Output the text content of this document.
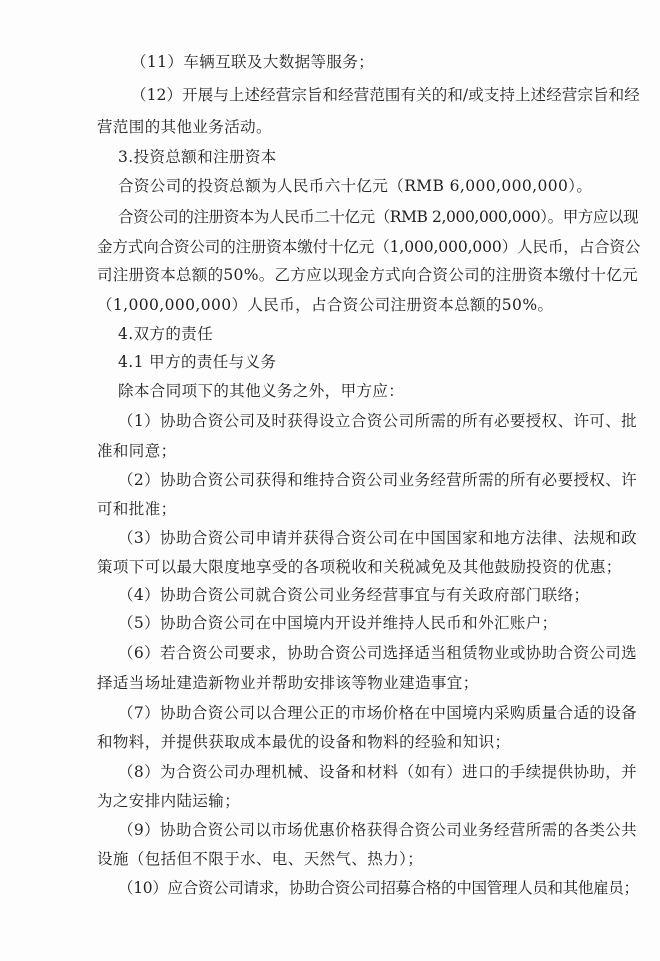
（11）车辆互联及大数据等服务；
（12）开展与上述经营宗旨和经营范围有关的和/或支持上述经营宗旨和经
营范围的其他业务活动。
3.投资总额和注册资本
合资公司的投资总额为人民币六十亿元（RMB 6,000,000,000）。
合资公司的注册资本为人民币二十亿元（RMB 2,000,000,000）。甲方应以现
金方式向合资公司的注册资本缴付十亿元（1,000,000,000）人民币，占合资公
司注册资本总额的50%。乙方应以现金方式向合资公司的注册资本缴付十亿元
（1,000,000,000）人民币，占合资公司注册资本总额的50%。
4.双方的责任
4.1 甲方的责任与义务
除本合同项下的其他义务之外，甲方应：
（1）协助合资公司及时获得设立合资公司所需的所有必要授权、许可、批
准和同意；
（2）协助合资公司获得和维持合资公司业务经营所需的所有必要授权、许
可和批准；
（3）协助合资公司申请并获得合资公司在中国国家和地方法律、法规和政
策项下可以最大限度地享受的各项税收和关税减免及其他鼓励投资的优惠；
（4）协助合资公司就合资公司业务经营事宜与有关政府部门联络；
（5）协助合资公司在中国境内开设并维持人民币和外汇账户；
（6）若合资公司要求，协助合资公司选择适当租赁物业或协助合资公司选
择适当场址建造新物业并帮助安排该等物业建造事宜；
（7）协助合资公司以合理公正的市场价格在中国境内采购质量合适的设备
和物料，并提供获取成本最优的设备和物料的经验和知识；
（8）为合资公司办理机械、设备和材料（如有）进口的手续提供协助，并
为之安排内陆运输；
（9）协助合资公司以市场优惠价格获得合资公司业务经营所需的各类公共
设施（包括但不限于水、电、天然气、热力）；
（10）应合资公司请求，协助合资公司招募合格的中国管理人员和其他雇员；
